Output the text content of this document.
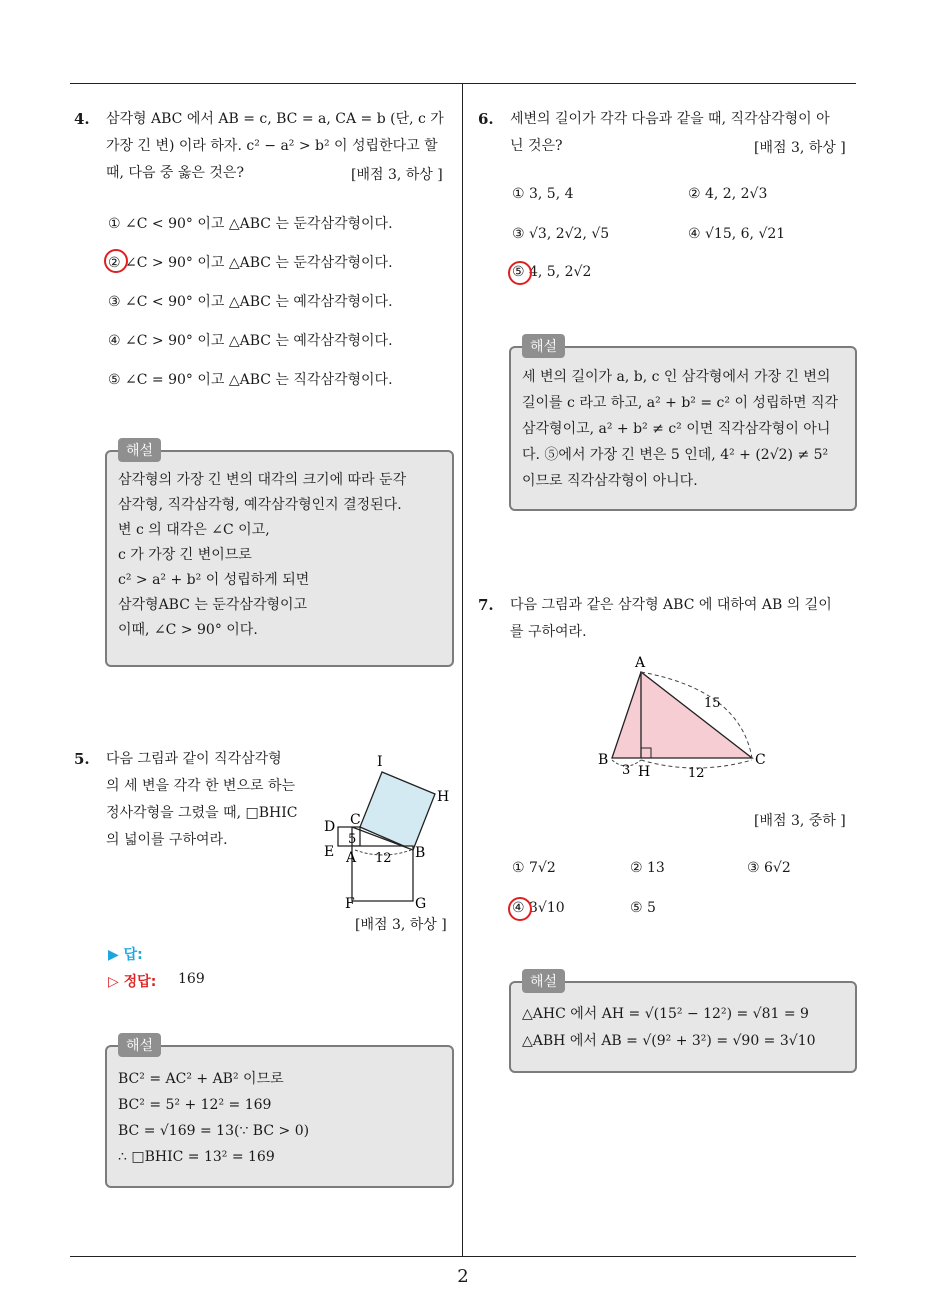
2
4. 삼각형 ABC 에서 AB = c, BC = a, CA = b (단, c 가
가장 긴 변) 이라 하자. c² − a² > b² 이 성립한다고 할
때, 다음 중 옳은 것은?	[배점 3, 하상 ]
① ∠C < 90° 이고 △ABC 는 둔각삼각형이다.
② ∠C > 90° 이고 △ABC 는 둔각삼각형이다.
③ ∠C < 90° 이고 △ABC 는 예각삼각형이다.
④ ∠C > 90° 이고 △ABC 는 예각삼각형이다.
⑤ ∠C = 90° 이고 △ABC 는 직각삼각형이다.
해설
삼각형의 가장 긴 변의 대각의 크기에 따라 둔각
삼각형, 직각삼각형, 예각삼각형인지 결정된다.
변 c 의 대각은 ∠C 이고,
c 가 가장 긴 변이므로
c² > a² + b² 이 성립하게 되면
삼각형ABC 는 둔각삼각형이고
이때, ∠C > 90° 이다.
5. 다음 그림과 같이 직각삼각형
의 세 변을 각각 한 변으로 하는
정사각형을 그렸을 때, □BHIC
의 넓이를 구하여라.
I
H
C
D
E A	B
F	G
5
12
[배점 3, 하상 ]
▶ 답:
▷ 정답: 169
해설
BC² = AC² + AB² 이므로
BC² = 5² + 12² = 169
BC = √169 = 13(∵ BC > 0)
∴ □BHIC = 13² = 169
6. 세변의 길이가 각각 다음과 같을 때, 직각삼각형이 아
닌 것은?	[배점 3, 하상 ]
① 3, 5, 4	② 4, 2, 2√3
③ √3, 2√2, √5	④ √15, 6, √21
⑤ 4, 5, 2√2
해설
세 변의 길이가 a, b, c 인 삼각형에서 가장 긴 변의
길이를 c 라고 하고, a² + b² = c² 이 성립하면 직각
삼각형이고, a² + b² ≠ c² 이면 직각삼각형이 아니
다. ⑤에서 가장 긴 변은 5 인데, 4² + (2√2) ≠ 5²
이므로 직각삼각형이 아니다.
7. 다음 그림과 같은 삼각형 ABC 에 대하여 AB 의 길이
를 구하여라.
A
B	C
H
3	12
15
[배점 3, 중하 ]
① 7√2	② 13	③ 6√2
④ 3√10	⑤ 5
해설
△AHC 에서 AH = √(15² − 12²) = √81 = 9
△ABH 에서 AB = √(9² + 3²) = √90 = 3√10
